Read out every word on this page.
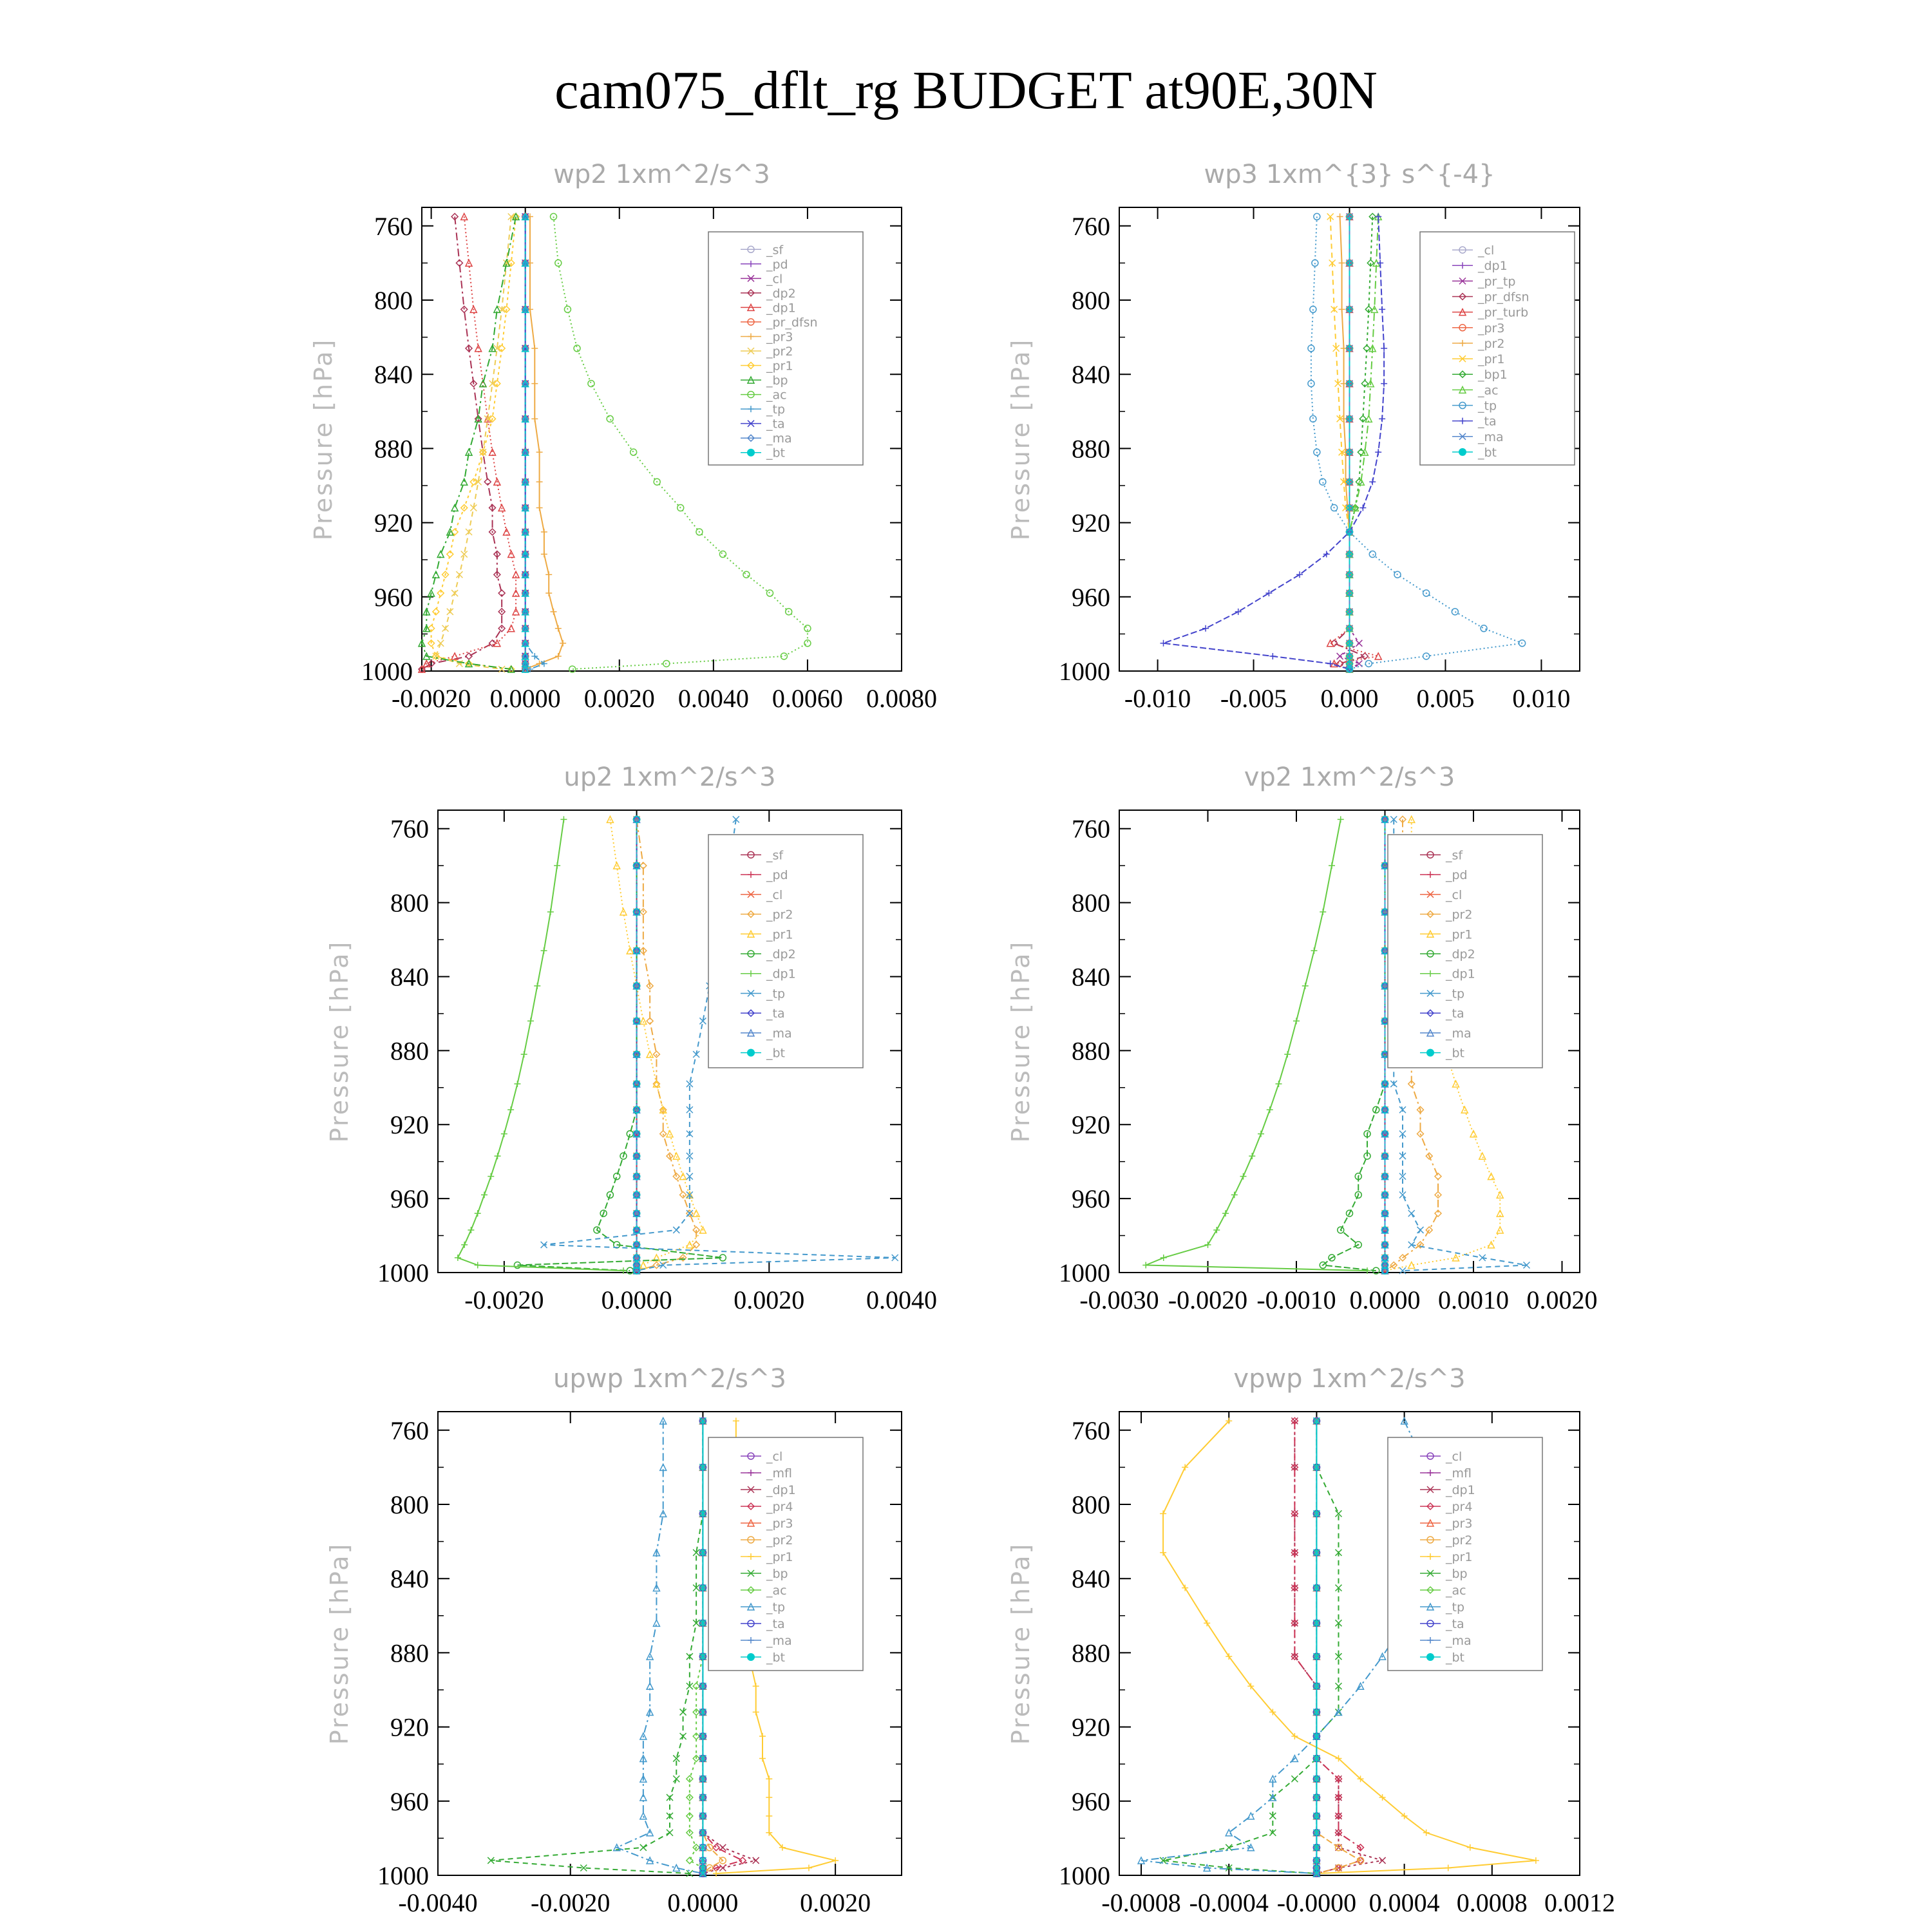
cam075_dflt_rg BUDGET at90E,30N
wp2 1xm^2/s^3
Pressure [hPa]
760
800
840
880
920
960
1000
-0.0020 0.0000 0.0020 0.0040 0.0060 0.0080
_sf
_pd
_cl
_dp2
_dp1
_pr_dfsn
_pr3
_pr2
_pr1
_bp
_ac
_tp
_ta
_ma
_bt
wp3 1xm^{3} s^{-4}
Pressure [hPa]
760
800
840
880
920
960
1000
-0.010 -0.005 0.000 0.005 0.010
_cl
_dp1
_pr_tp
_pr_dfsn
_pr_turb
_pr3
_pr2
_pr1
_bp1
_ac
_tp
_ta
_ma
_bt
up2 1xm^2/s^3
Pressure [hPa]
760
800
840
880
920
960
1000
-0.0020 0.0000 0.0020 0.0040
_sf
_pd
_cl
_pr2
_pr1
_dp2
_dp1
_tp
_ta
_ma
_bt
vp2 1xm^2/s^3
Pressure [hPa]
760
800
840
880
920
960
1000
-0.0030 -0.0020 -0.0010 0.0000 0.0010 0.0020
_sf
_pd
_cl
_pr2
_pr1
_dp2
_dp1
_tp
_ta
_ma
_bt
upwp 1xm^2/s^3
Pressure [hPa]
760
800
840
880
920
960
1000
-0.0040 -0.0020 0.0000 0.0020
_cl
_mfl
_dp1
_pr4
_pr3
_pr2
_pr1
_bp
_ac
_tp
_ta
_ma
_bt
vpwp 1xm^2/s^3
Pressure [hPa]
760
800
840
880
920
960
1000
-0.0008 -0.0004 -0.0000 0.0004 0.0008 0.0012
_cl
_mfl
_dp1
_pr4
_pr3
_pr2
_pr1
_bp
_ac
_tp
_ta
_ma
_bt
